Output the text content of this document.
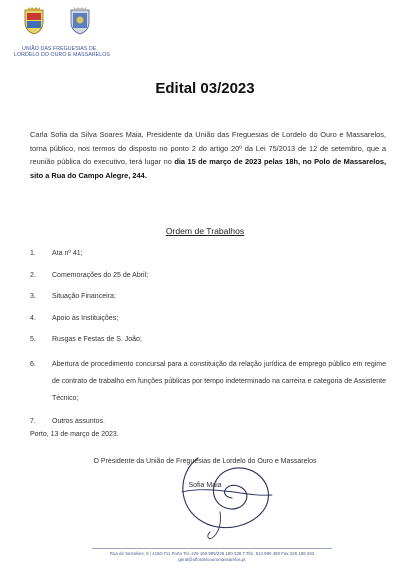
UNIÃO DAS FREGUESIAS DE
LORDELO DO OURO E MASSARELOS
Edital 03/2023
Carla Sofia da Silva Soares Maia, Presidente da União das Freguesias de Lordelo do Ouro e Massarelos, torna público, nos termos do disposto no ponto 2 do artigo 20º da Lei 75/2013 de 12 de setembro, que a reunião pública do executivo, terá lugar no dia 15 de março de 2023 pelas 18h, no Polo de Massarelos, sito a Rua do Campo Alegre, 244.
Ordem de Trabalhos
1.	Ata nº 41;
2.	Comemorações do 25 de Abril;
3.	Situação Financeira;
4.	Apoio às Instituições;
5.	Rusgas e Festas de S. João;
6.	Abertura de procedimento concursal para a constituição da relação jurídica de emprego público em regime de contrato de trabalho em funções públicas por tempo indeterminado na carreira e categoria de Assistente Técnico;
7.	Outros assuntos.
Porto, 13 de março de 2023.
O Presidente da União de Freguesias de Lordelo do Ouro e Massarelos
Sofia Maia
Rua de Serralves, 8 | 4150-711 Porto Tel. 226 160 995/226 180 028 T.Tlm. 914 990 460 Fax 226 189 263
geral@uflordeloouromassarelos.pt
